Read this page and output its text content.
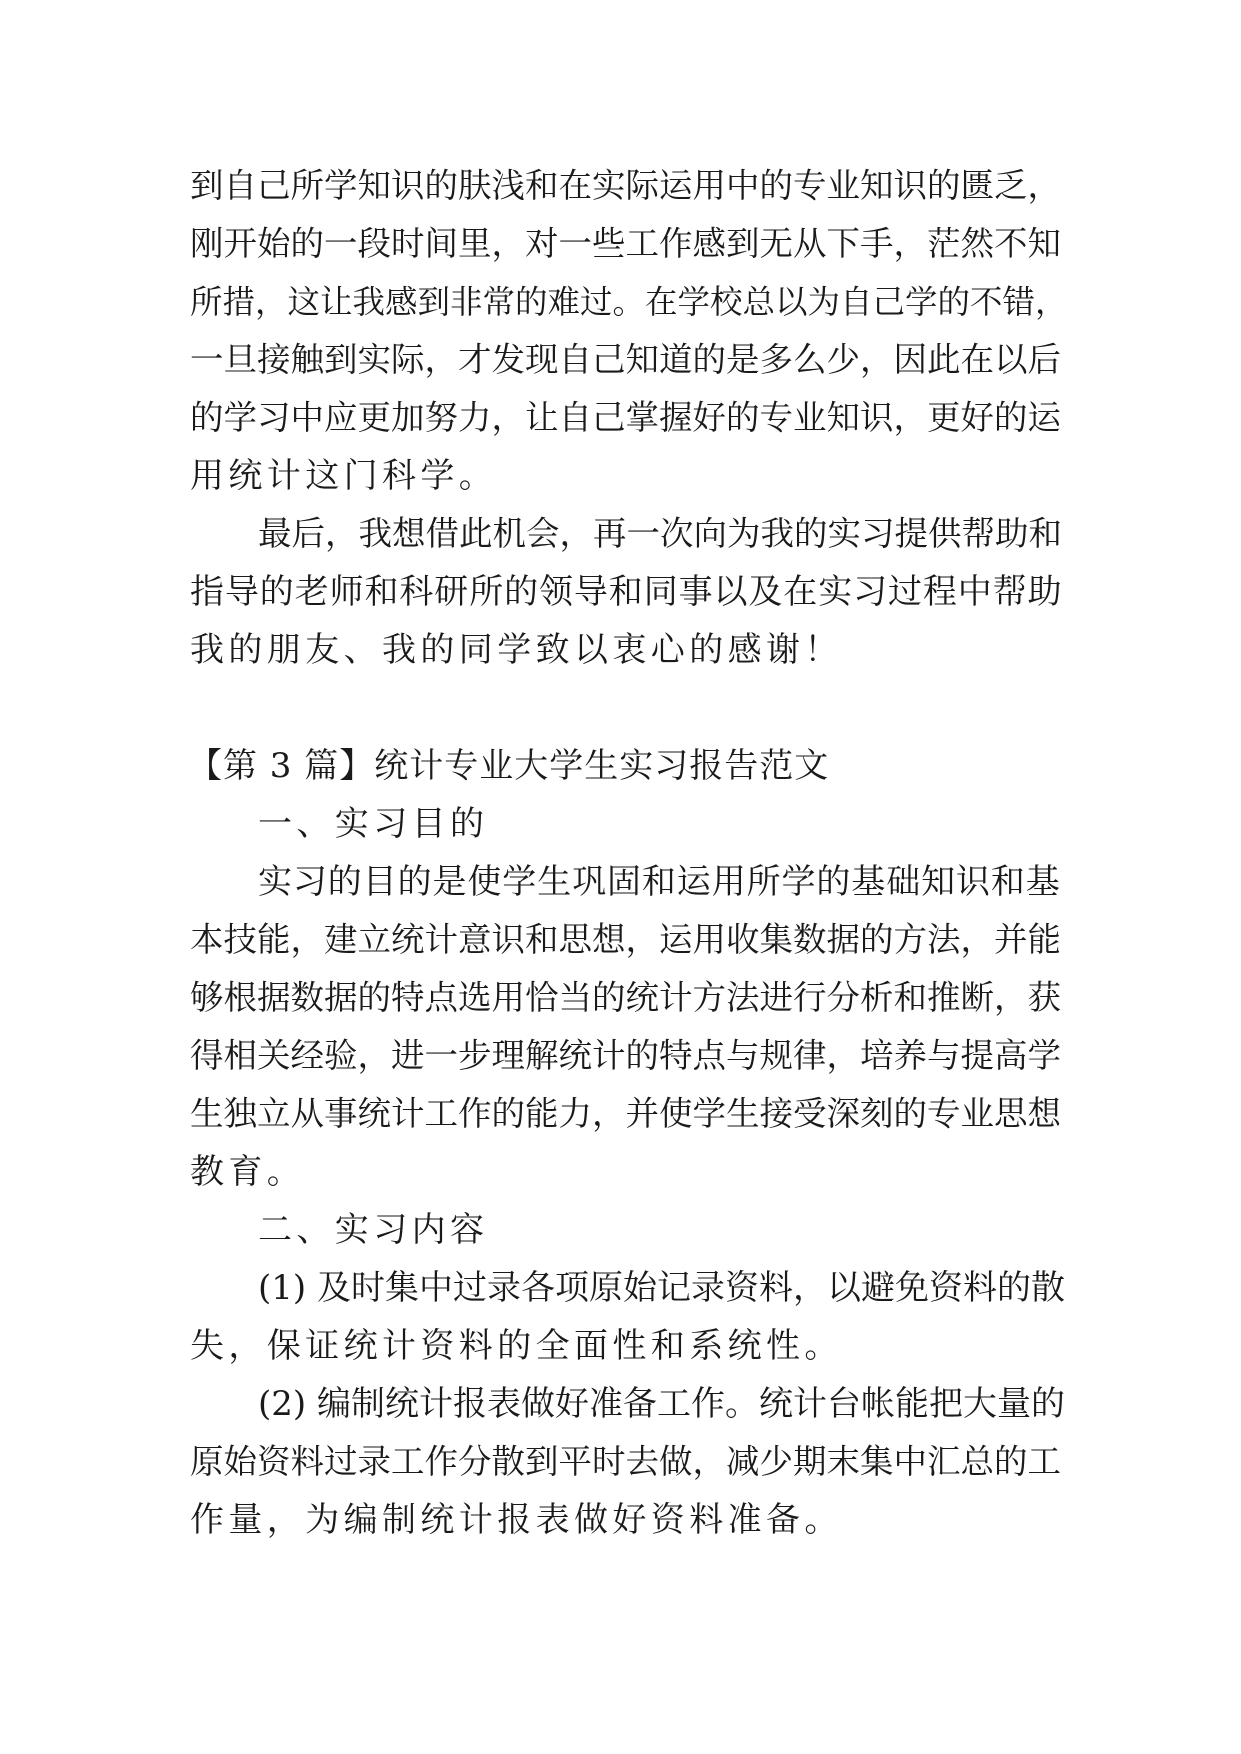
到自己所学知识的肤浅和在实际运用中的专业知识的匮乏，
刚开始的一段时间里，对一些工作感到无从下手，茫然不知
所措，这让我感到非常的难过。在学校总以为自己学的不错，
一旦接触到实际，才发现自己知道的是多么少，因此在以后
的学习中应更加努力，让自己掌握好的专业知识，更好的运
用统计这门科学。
最后，我想借此机会，再一次向为我的实习提供帮助和
指导的老师和科研所的领导和同事以及在实习过程中帮助
我的朋友、我的同学致以衷心的感谢！
【第 3 篇】统计专业大学生实习报告范文
一、实习目的
实习的目的是使学生巩固和运用所学的基础知识和基
本技能，建立统计意识和思想，运用收集数据的方法，并能
够根据数据的特点选用恰当的统计方法进行分析和推断，获
得相关经验，进一步理解统计的特点与规律，培养与提高学
生独立从事统计工作的能力，并使学生接受深刻的专业思想
教育。
二、实习内容
(1) 及时集中过录各项原始记录资料，以避免资料的散
失，保证统计资料的全面性和系统性。
(2) 编制统计报表做好准备工作。统计台帐能把大量的
原始资料过录工作分散到平时去做，减少期末集中汇总的工
作量，为编制统计报表做好资料准备。
